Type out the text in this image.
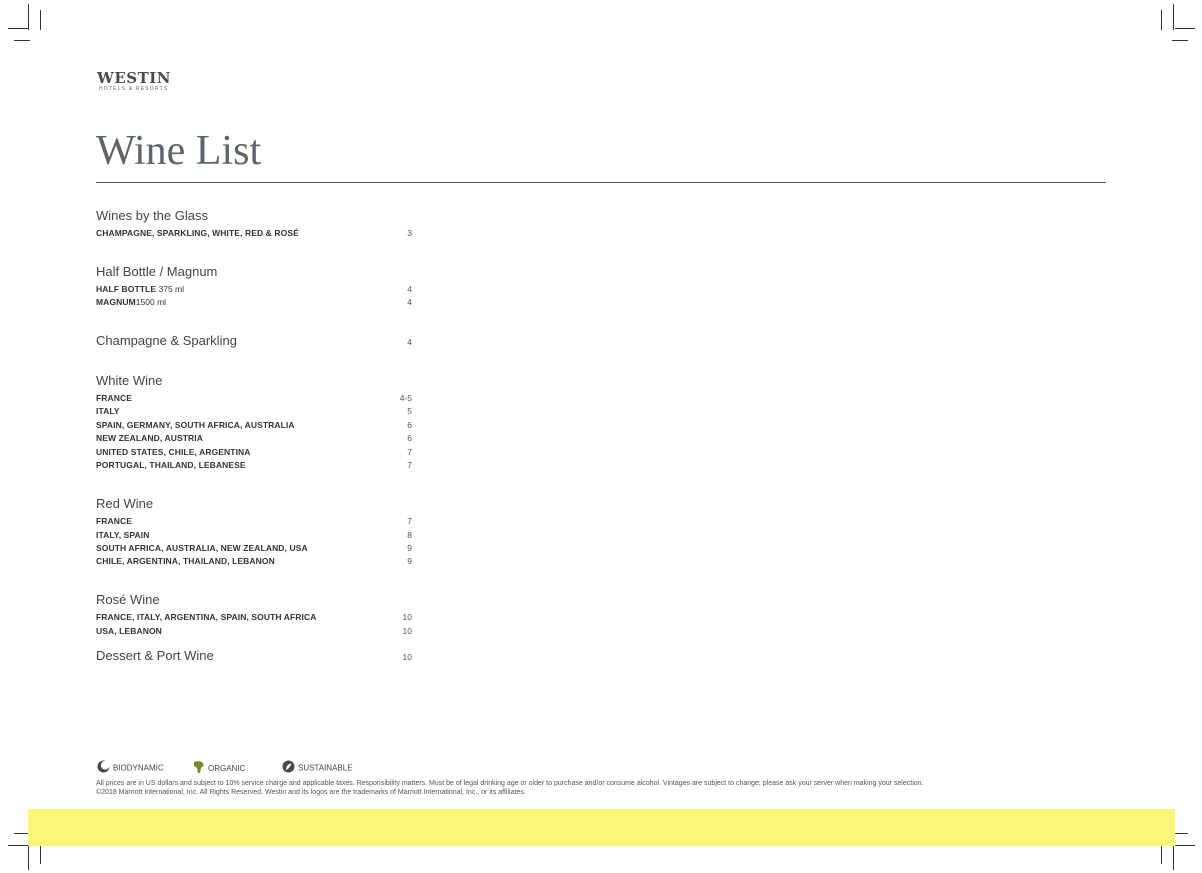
WESTIN
HOTELS & RESORTS
Wine List
Wines by the Glass
CHAMPAGNE, SPARKLING, WHITE, RED & ROSÉ	3
Half Bottle / Magnum
HALF BOTTLE 375 ml	4
MAGNUM1500 ml	4
Champagne & Sparkling	4
White Wine
FRANCE	4-5
ITALY	5
SPAIN, GERMANY, SOUTH AFRICA, AUSTRALIA	6
NEW ZEALAND, AUSTRIA	6
UNITED STATES, CHILE, ARGENTINA	7
PORTUGAL, THAILAND, LEBANESE	7
Red Wine
FRANCE	7
ITALY, SPAIN	8
SOUTH AFRICA, AUSTRALIA, NEW ZEALAND, USA	9
CHILE, ARGENTINA, THAILAND, LEBANON	9
Rosé Wine
FRANCE, ITALY, ARGENTINA, SPAIN, SOUTH AFRICA	10
USA, LEBANON	10
Dessert & Port Wine	10
BIODYNAMIC	ORGANIC	SUSTAINABLE
All prices are in US dollars and subject to 10% service charge and applicable taxes. Responsibility matters. Must be of legal drinking age or older to purchase and/or consume alcohol. Vintages are subject to change; please ask your server when making your selection.
©2018 Marriott International, Inc. All Rights Reserved. Westin and its logos are the trademarks of Marriott International, Inc., or its affiliates.
